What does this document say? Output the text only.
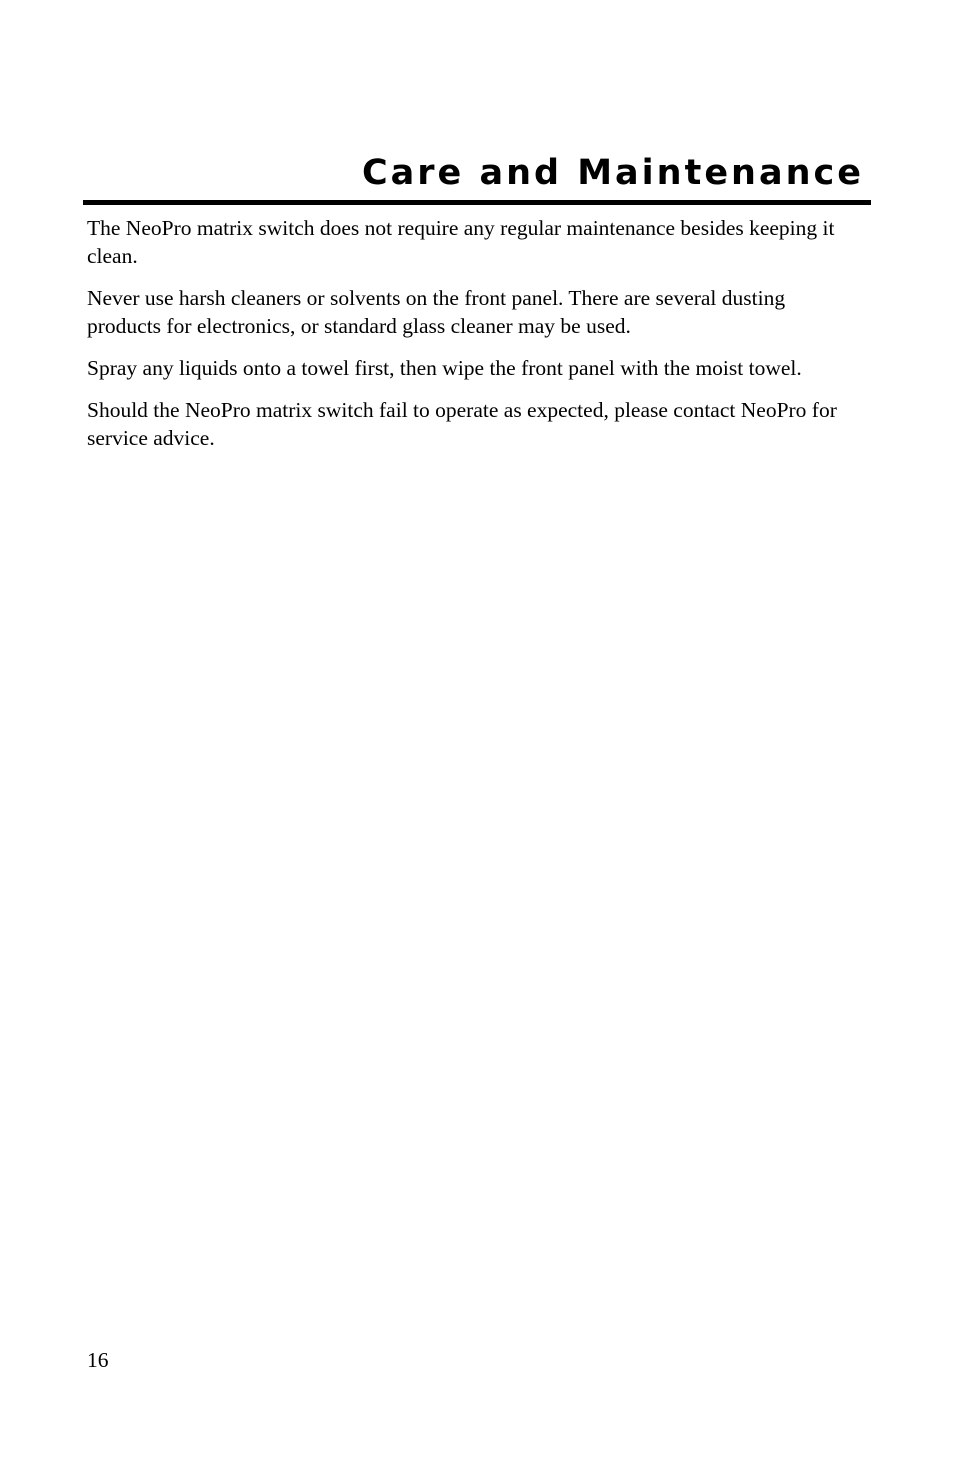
Care and Maintenance

The NeoPro matrix switch does not require any regular maintenance besides keeping it clean.

Never use harsh cleaners or solvents on the front panel. There are several dusting products for electronics, or standard glass cleaner may be used.

Spray any liquids onto a towel first, then wipe the front panel with the moist towel.

Should the NeoPro matrix switch fail to operate as expected, please contact NeoPro for service advice.

16
